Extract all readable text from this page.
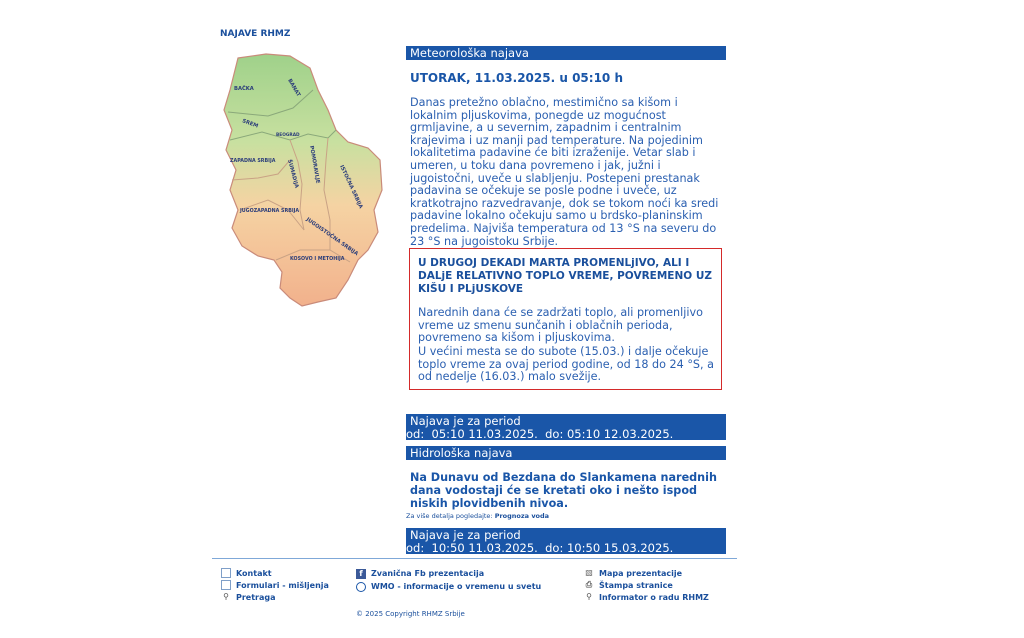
NAJAVE RHMZ
BAČKA	BANAT
SREM
BEOGRAD
ZAPADNA SRBIJA ŠUMADIJA POMORAVLJE	ISTOČNA SRBIJA
JUGOZAPADNA SRBIJA
JUGOISTOČNA SRBIJA
KOSOVO I METOHIJA
Meteorološka najava
UTORAK, 11.03.2025. u 05:10 h
Danas pretežno oblačno, mestimično sa kišom i lokalnim pljuskovima, ponegde uz mogućnost grmljavine, a u severnim, zapadnim i centralnim krajevima i uz manji pad temperature. Na pojedinim lokalitetima padavine će biti izraženije. Vetar slab i umeren, u toku dana povremeno i jak, južni i jugoistočni, uveče u slabljenju. Postepeni prestanak padavina se očekuje se posle podne i uveče, uz kratkotrajno razvedravanje, dok se tokom noći ka sredi padavine lokalno očekuju samo u brdsko-planinskim predelima. Najviša temperatura od 13 °S na severu do 23 °S na jugoistoku Srbije.
U DRUGOJ DEKADI MARTA PROMENLjIVO, ALI I DALjE RELATIVNO TOPLO VREME, POVREMENO UZ KIŠU I PLjUSKOVE
Narednih dana će se zadržati toplo, ali promenljivo vreme uz smenu sunčanih i oblačnih perioda, povremeno sa kišom i pljuskovima.
U većini mesta se do subote (15.03.) i dalje očekuje toplo vreme za ovaj period godine, od 18 do 24 °S, a od nedelje (16.03.) malo svežije.
Najava je za period
od:  05:10 11.03.2025.  do: 05:10 12.03.2025.
Hidrološka najava
Na Dunavu od Bezdana do Slankamena narednih dana vodostaji će se kretati oko i nešto ispod niskih plovidbenih nivoa.
Za više detalja pogledajte: Prognoza voda
Najava je za period
od:  10:50 11.03.2025.  do: 10:50 15.03.2025.
Kontakt
Formulari - mišljenja
⚲ Pretraga
f	Zvanična Fb prezentacija
WMO - informacije o vremenu u svetu
▧ Mapa prezentacije
⎙ Štampa stranice
⚲ Informator o radu RHMZ
© 2025 Copyright RHMZ Srbije
